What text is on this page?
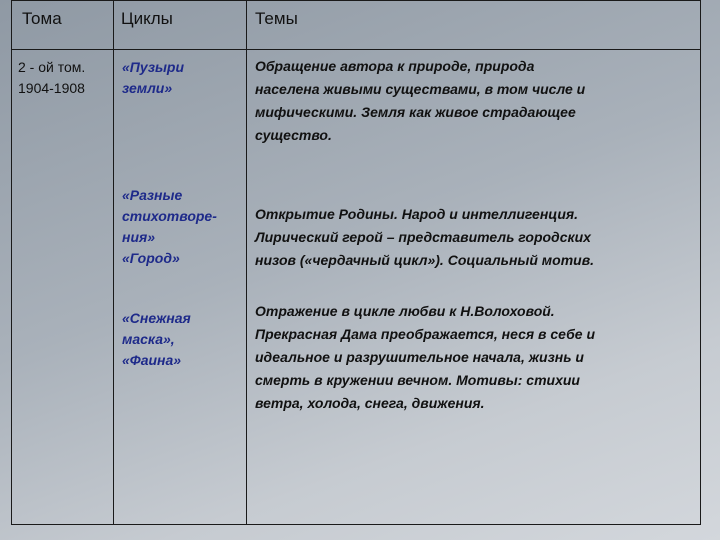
Тома	Циклы	Темы
2 - ой том.
1904-1908
«Пузыри
земли»
«Разные
стихотворе-
ния»
«Город»
«Снежная
маска»,
«Фаина»
Обращение автора к природе, природа
населена живыми существами, в том числе и
мифическими. Земля как живое страдающее
существо.
Открытие Родины. Народ и интеллигенция.
Лирический герой – представитель городских
низов («чердачный цикл»). Социальный мотив.
Отражение в цикле любви к Н.Волоховой.
Прекрасная Дама преображается, неся в себе и
идеальное и разрушительное начала, жизнь и
смерть в кружении вечном. Мотивы: стихии
ветра, холода, снега, движения.
